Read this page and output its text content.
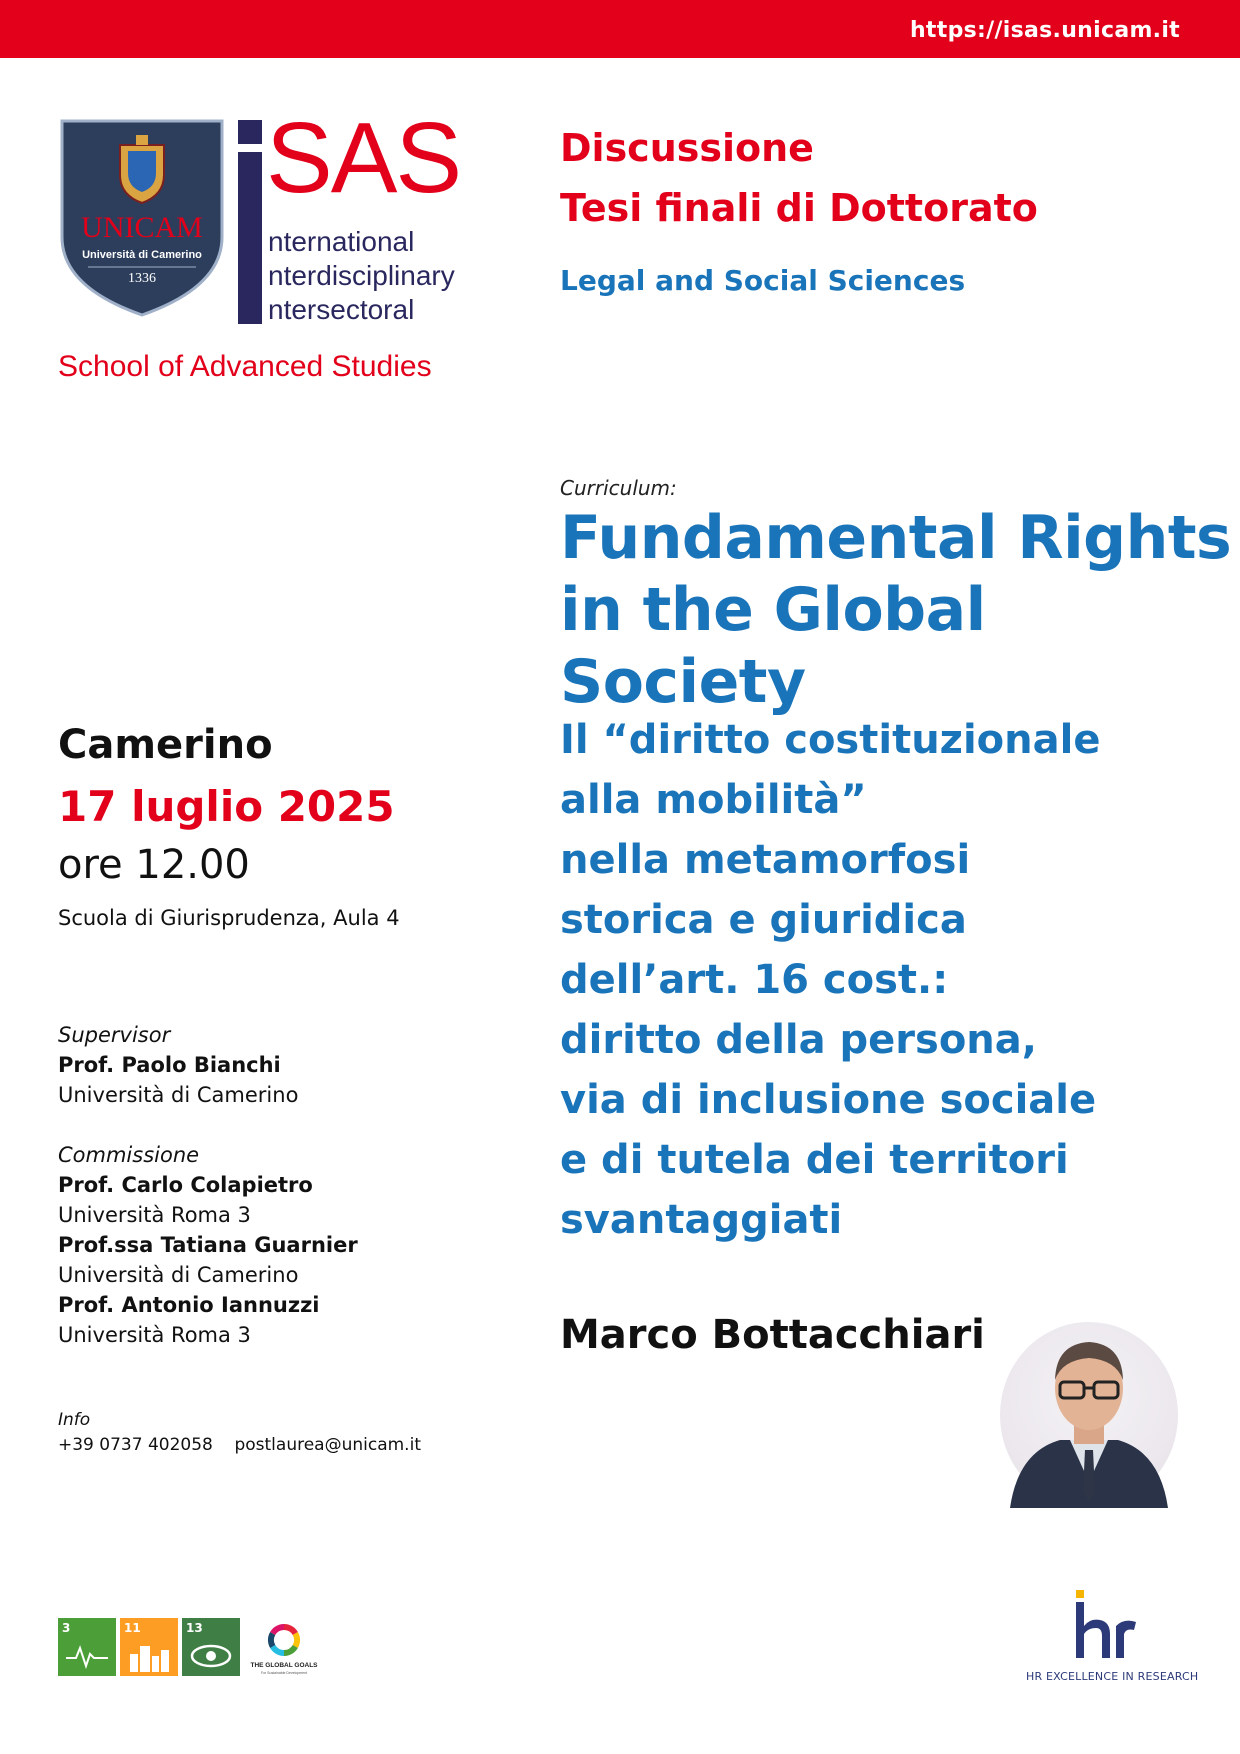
https://isas.unicam.it
UNICAM
Università di Camerino
1336
SAS
nternational
nterdisciplinary
ntersectoral
School of Advanced Studies
Discussione
Tesi finali di Dottorato
Legal and Social Sciences
Curriculum:
Fundamental Rights
in the Global Society
Il “diritto costituzionale
alla mobilità”
nella metamorfosi
storica e giuridica
dell’art. 16 cost.:
diritto della persona,
via di inclusione sociale
e di tutela dei territori
svantaggiati
Marco Bottacchiari
Camerino
17 luglio 2025
ore 12.00
Scuola di Giurisprudenza, Aula 4
Supervisor
Prof. Paolo Bianchi
Università di Camerino
Commissione
Prof. Carlo Colapietro
Università Roma 3
Prof.ssa Tatiana Guarnier
Università di Camerino
Prof. Antonio Iannuzzi
Università Roma 3
Info
+39 0737 402058 postlaurea@unicam.it
3	11	13
THE GLOBAL GOALS
For Sustainable Development	HR EXCELLENCE IN RESEARCH
